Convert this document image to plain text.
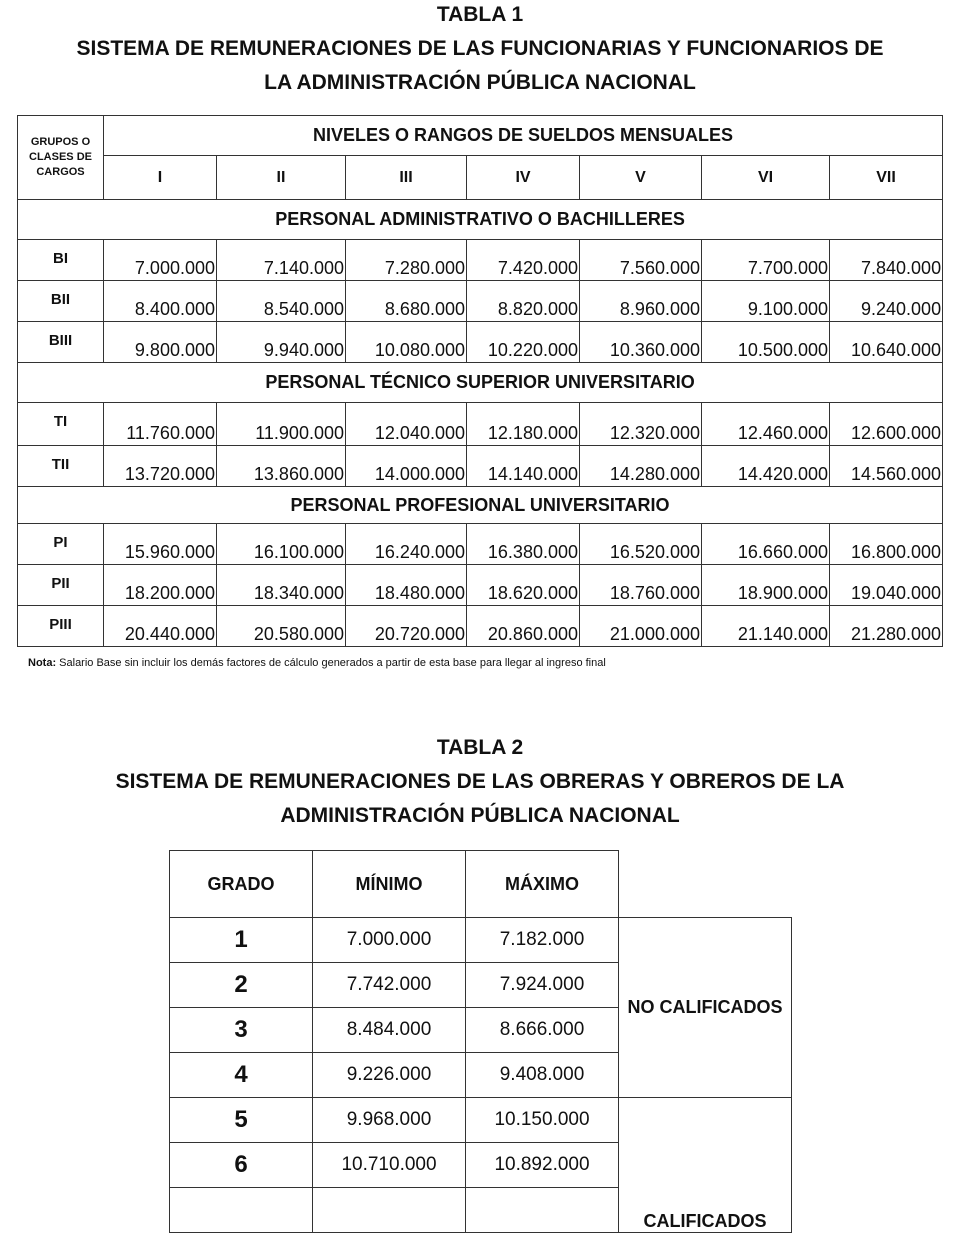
TABLA 1
SISTEMA DE REMUNERACIONES DE LAS FUNCIONARIAS Y FUNCIONARIOS DE
LA ADMINISTRACIÓN PÚBLICA NACIONAL
GRUPOS O
CLASES DE
CARGOS	NIVELES O RANGOS DE SUELDOS MENSUALES						
	I	II	III	IV	V	VI	VII
PERSONAL ADMINISTRATIVO O BACHILLERES							
BI	7.000.000	7.140.000	7.280.000	7.420.000	7.560.000	7.700.000	7.840.000
BII	8.400.000	8.540.000	8.680.000	8.820.000	8.960.000	9.100.000	9.240.000
BIII	9.800.000	9.940.000	10.080.000	10.220.000	10.360.000	10.500.000	10.640.000
PERSONAL TÉCNICO SUPERIOR UNIVERSITARIO							
TI	11.760.000	11.900.000	12.040.000	12.180.000	12.320.000	12.460.000	12.600.000
TII	13.720.000	13.860.000	14.000.000	14.140.000	14.280.000	14.420.000	14.560.000
PERSONAL PROFESIONAL UNIVERSITARIO							
PI	15.960.000	16.100.000	16.240.000	16.380.000	16.520.000	16.660.000	16.800.000
PII	18.200.000	18.340.000	18.480.000	18.620.000	18.760.000	18.900.000	19.040.000
PIII	20.440.000	20.580.000	20.720.000	20.860.000	21.000.000	21.140.000	21.280.000
Nota: Salario Base sin incluir los demás factores de cálculo generados a partir de esta base para llegar al ingreso final
TABLA 2
SISTEMA DE REMUNERACIONES DE LAS OBRERAS Y OBREROS DE LA
ADMINISTRACIÓN PÚBLICA NACIONAL
GRADO	MÍNIMO	MÁXIMO	
1	7.000.000	7.182.000	NO CALIFICADOS
2	7.742.000	7.924.000	
3	8.484.000	8.666.000	
4	9.226.000	9.408.000	
5	9.968.000	10.150.000	CALIFICADOS
6	10.710.000	10.892.000	
